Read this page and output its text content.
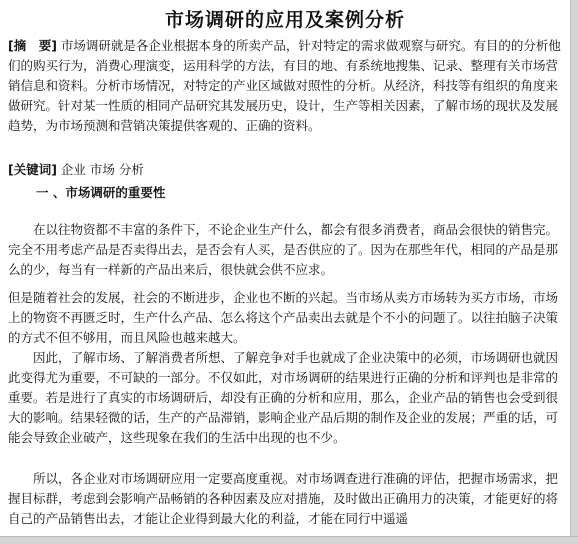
市场调研的应用及案例分析
[摘　要] 市场调研就是各企业根据本身的所卖产品，针对特定的需求做观察与研究。有目的的分析他们的购买行为，消费心理演变，运用科学的方法，有目的地、有系统地搜集、记录、整理有关市场营销信息和资料。分析市场情况，对特定的产业区域做对照性的分析。从经济，科技等有组织的角度来做研究。针对某一性质的相同产品研究其发展历史，设计，生产等相关因素，了解市场的现状及发展趋势，为市场预测和营销决策提供客观的、正确的资料。
[关键词] 企业 市场 分析
一 、市场调研的重要性

在以往物资都不丰富的条件下，不论企业生产什么，都会有很多消费者，商品会很快的销售完。完全不用考虑产品是否卖得出去，是否会有人买，是否供应的了。因为在那些年代，相同的产品是那么的少，每当有一样新的产品出来后，很快就会供不应求。

但是随着社会的发展，社会的不断进步，企业也不断的兴起。当市场从卖方市场转为买方市场，市场上的物资不再匮乏时，生产什么产品、怎么将这个产品卖出去就是个不小的问题了。以往拍脑子决策的方式不但不够用，而且风险也越来越大。

因此，了解市场、了解消费者所想、了解竞争对手也就成了企业决策中的必须，市场调研也就因此变得尤为重要，不可缺的一部分。不仅如此，对市场调研的结果进行正确的分析和评判也是非常的重要。若是进行了真实的市场调研后，却没有正确的分析和应用，那么，企业产品的销售也会受到很大的影响。结果轻微的话，生产的产品滞销，影响企业产品后期的制作及企业的发展；严重的话，可能会导致企业破产，这些现象在我们的生活中出现的也不少。

所以，各企业对市场调研应用一定要高度重视。对市场调查进行准确的评估，把握市场需求，把握目标群，考虑到会影响产品畅销的各种因素及应对措施，及时做出正确用力的决策，才能更好的将自己的产品销售出去，才能让企业得到最大化的利益，才能在同行中遥遥
